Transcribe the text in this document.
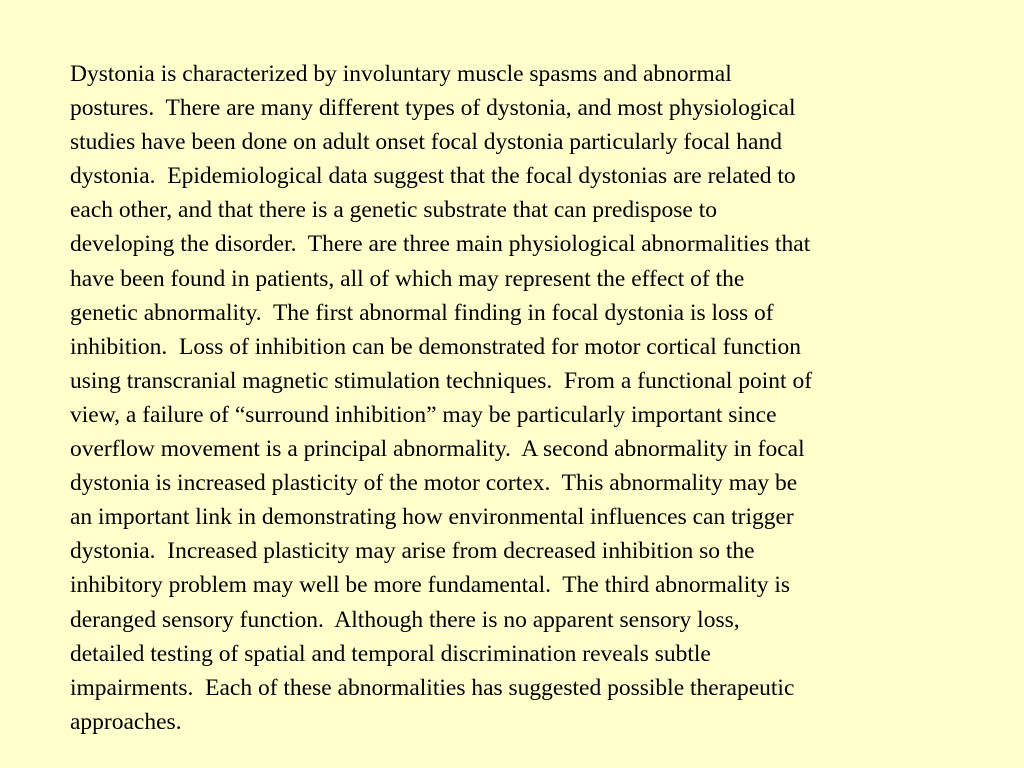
Dystonia is characterized by involuntary muscle spasms and abnormal
postures.  There are many different types of dystonia, and most physiological
studies have been done on adult onset focal dystonia particularly focal hand
dystonia.  Epidemiological data suggest that the focal dystonias are related to
each other, and that there is a genetic substrate that can predispose to
developing the disorder.  There are three main physiological abnormalities that
have been found in patients, all of which may represent the effect of the
genetic abnormality.  The first abnormal finding in focal dystonia is loss of
inhibition.  Loss of inhibition can be demonstrated for motor cortical function
using transcranial magnetic stimulation techniques.  From a functional point of
view, a failure of “surround inhibition” may be particularly important since
overflow movement is a principal abnormality.  A second abnormality in focal
dystonia is increased plasticity of the motor cortex.  This abnormality may be
an important link in demonstrating how environmental influences can trigger
dystonia.  Increased plasticity may arise from decreased inhibition so the
inhibitory problem may well be more fundamental.  The third abnormality is
deranged sensory function.  Although there is no apparent sensory loss,
detailed testing of spatial and temporal discrimination reveals subtle
impairments.  Each of these abnormalities has suggested possible therapeutic
approaches.
